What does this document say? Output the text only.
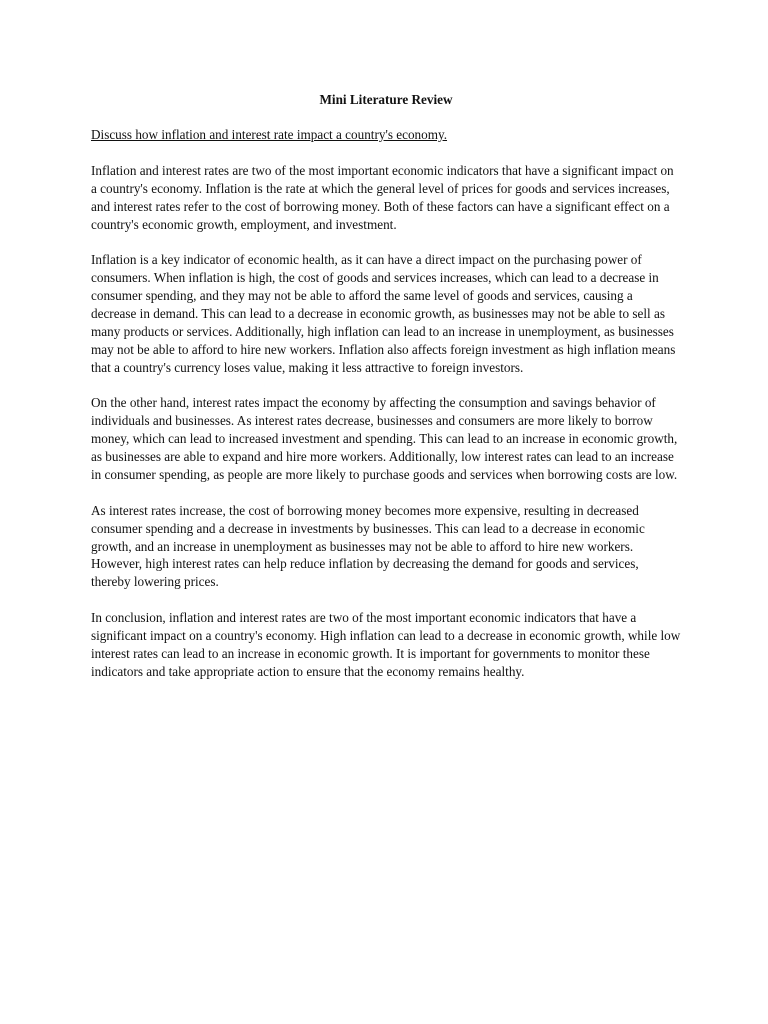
Mini Literature Review
Discuss how inflation and interest rate impact a country's economy.

Inflation and interest rates are two of the most important economic indicators that have a significant impact on a country's economy. Inflation is the rate at which the general level of prices for goods and services increases, and interest rates refer to the cost of borrowing money. Both of these factors can have a significant effect on a country's economic growth, employment, and investment.

Inflation is a key indicator of economic health, as it can have a direct impact on the purchasing power of consumers. When inflation is high, the cost of goods and services increases, which can lead to a decrease in consumer spending, and they may not be able to afford the same level of goods and services, causing a decrease in demand. This can lead to a decrease in economic growth, as businesses may not be able to sell as many products or services. Additionally, high inflation can lead to an increase in unemployment, as businesses may not be able to afford to hire new workers. Inflation also affects foreign investment as high inflation means that a country's currency loses value, making it less attractive to foreign investors.

On the other hand, interest rates impact the economy by affecting the consumption and savings behavior of individuals and businesses. As interest rates decrease, businesses and consumers are more likely to borrow money, which can lead to increased investment and spending. This can lead to an increase in economic growth, as businesses are able to expand and hire more workers. Additionally, low interest rates can lead to an increase in consumer spending, as people are more likely to purchase goods and services when borrowing costs are low.

As interest rates increase, the cost of borrowing money becomes more expensive, resulting in decreased consumer spending and a decrease in investments by businesses. This can lead to a decrease in economic growth, and an increase in unemployment as businesses may not be able to afford to hire new workers. However, high interest rates can help reduce inflation by decreasing the demand for goods and services, thereby lowering prices.

In conclusion, inflation and interest rates are two of the most important economic indicators that have a significant impact on a country's economy. High inflation can lead to a decrease in economic growth, while low interest rates can lead to an increase in economic growth. It is important for governments to monitor these indicators and take appropriate action to ensure that the economy remains healthy.
